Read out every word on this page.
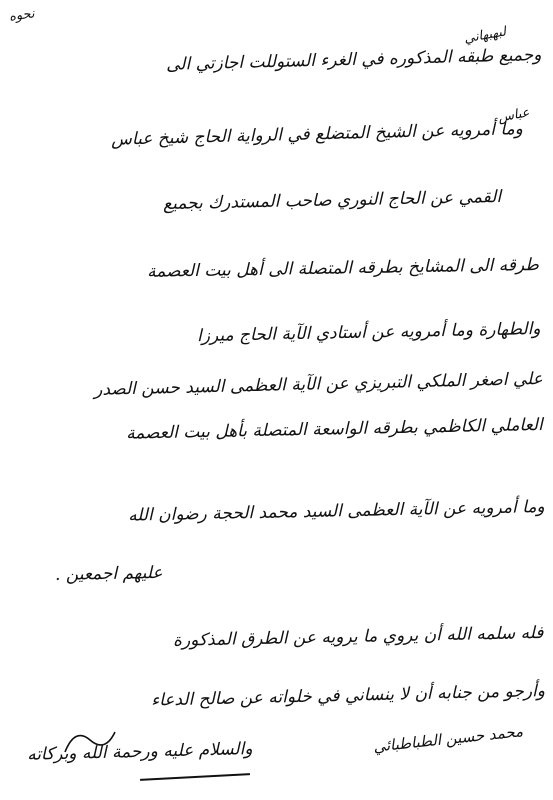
نحوه
لبهبهاني
عباس
وجميع طبقه المذكوره في الغرء الستوللت اجازتي الى
وما أمرويه عن الشيخ المتضلع في الرواية الحاج شيخ عباس
القمي عن الحاج النوري صاحب المستدرك بجميع
طرقه الى المشايخ بطرقه المتصلة الى أهل بيت العصمة
والطهارة وما أمرويه عن أستادي الآية الحاج ميرزا
علي اصغر الملكي التبريزي عن الآية العظمى السيد حسن الصدر
العاملي الكاظمي بطرقه الواسعة المتصلة بأهل بيت العصمة
وما أمرويه عن الآية العظمى السيد محمد الحجة رضوان الله
عليهم اجمعين .
فله سلمه الله أن يروي ما يرويه عن الطرق المذكورة
وأرجو من جنابه أن لا ينساني في خلواته عن صالح الدعاء
والسلام عليه ورحمة الله وبركاته	محمد حسين الطباطبائي
